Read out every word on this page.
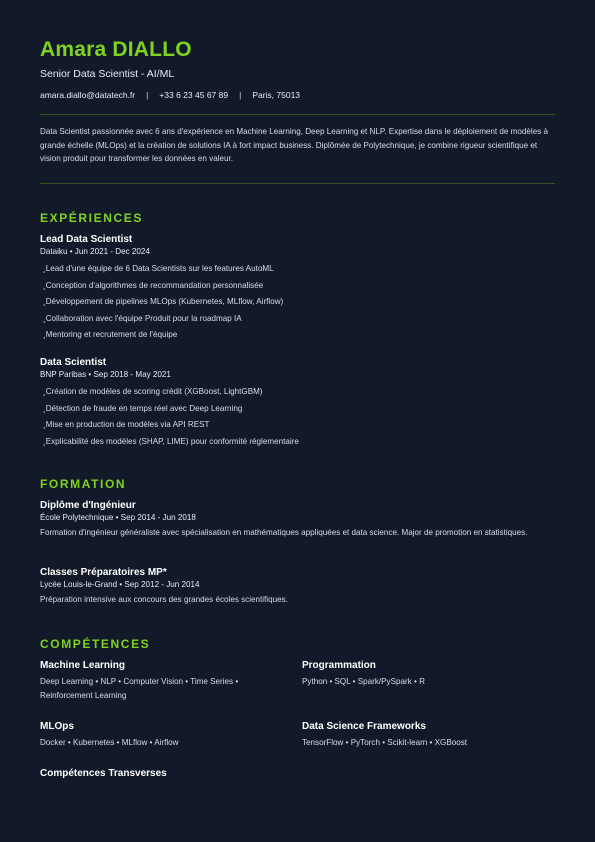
Amara DIALLO
Senior Data Scientist - AI/ML
amara.diallo@datatech.fr | +33 6 23 45 67 89 | Paris, 75013
Data Scientist passionnée avec 6 ans d'expérience en Machine Learning, Deep Learning et NLP. Expertise dans le déploiement de modèles à grande échelle (MLOps) et la création de solutions IA à fort impact business. Diplômée de Polytechnique, je combine rigueur scientifique et vision produit pour transformer les données en valeur.
EXPÉRIENCES
Lead Data Scientist
Dataiku • Jun 2021 - Dec 2024
¸Lead d'une équipe de 6 Data Scientists sur les features AutoML
¸Conception d'algorithmes de recommandation personnalisée
¸Développement de pipelines MLOps (Kubernetes, MLflow, Airflow)
¸Collaboration avec l'équipe Produit pour la roadmap IA
¸Mentoring et recrutement de l'équipe
Data Scientist
BNP Paribas • Sep 2018 - May 2021
¸Création de modèles de scoring crédit (XGBoost, LightGBM)
¸Détection de fraude en temps réel avec Deep Learning
¸Mise en production de modèles via API REST
¸Explicabilité des modèles (SHAP, LIME) pour conformité réglementaire
FORMATION
Diplôme d'Ingénieur
École Polytechnique • Sep 2014 - Jun 2018
Formation d'ingénieur généraliste avec spécialisation en mathématiques appliquées et data science. Major de promotion en statistiques.
Classes Préparatoires MP*
Lycée Louis-le-Grand • Sep 2012 - Jun 2014
Préparation intensive aux concours des grandes écoles scientifiques.
COMPÉTENCES
Machine Learning
Deep Learning • NLP • Computer Vision • Time Series • Reinforcement Learning
Programmation
Python • SQL • Spark/PySpark • R
MLOps
Docker • Kubernetes • MLflow • Airflow
Data Science Frameworks
TensorFlow • PyTorch • Scikit-learn • XGBoost
Compétences Transverses
